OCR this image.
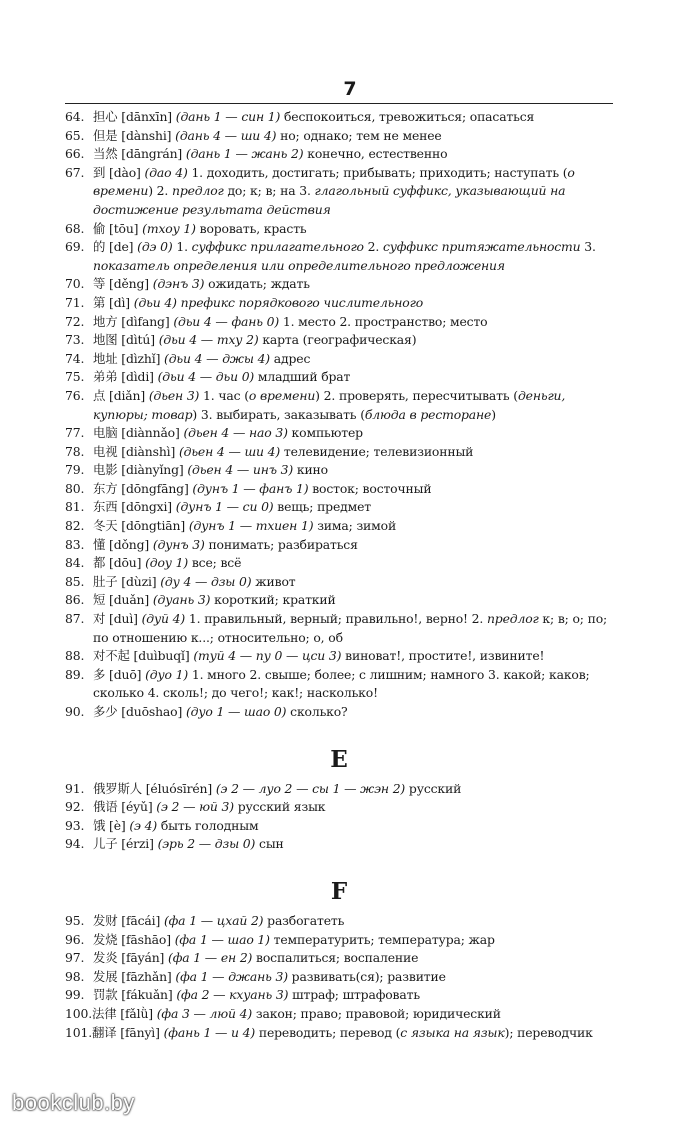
7
64. 担心 [dānxīn] (дань 1 — син 1) беспокоиться, тревожиться; опасаться
65. 但是 [dànshi] (дань 4 — ши 4) но; однако; тем не менее
66. 当然 [dāngrán] (дань 1 — жань 2) конечно, естественно
67. 到 [dào] (дао 4) 1. доходить, достигать; прибывать; приходить; наступать (о времени) 2. предлог до; к; в; на 3. глагольный суффикс, указывающий на достижение результата действия
68. 偷 [tōu] (тхоу 1) воровать, красть
69. 的 [de] (дэ 0) 1. суффикс прилагательного 2. суффикс притяжательности 3. показатель определения или определительного предложения
70. 等 [děng] (дэнъ 3) ожидать; ждать
71. 第 [dì] (дьи 4) префикс порядкового числительного
72. 地方 [dìfang] (дьи 4 — фань 0) 1. место 2. пространство; место
73. 地图 [dìtú] (дьи 4 — тху 2) карта (географическая)
74. 地址 [dìzhǐ] (дьи 4 — джы 4) адрес
75. 弟弟 [dìdi] (дьи 4 — дьи 0) младший брат
76. 点 [diǎn] (дьен 3) 1. час (о времени) 2. проверять, пересчитывать (деньги, купюры; товар) 3. выбирать, заказывать (блюда в ресторане)
77. 电脑 [diànnǎo] (дьен 4 — нао 3) компьютер
78. 电视 [diànshì] (дьен 4 — ши 4) телевидение; телевизионный
79. 电影 [diànyǐng] (дьен 4 — инъ 3) кино
80. 东方 [dōngfāng] (дунъ 1 — фанъ 1) восток; восточный
81. 东西 [dōngxi] (дунъ 1 — си 0) вещь; предмет
82. 冬天 [dōngtiān] (дунъ 1 — тхиен 1) зима; зимой
83. 懂 [dǒng] (дунъ 3) понимать; разбираться
84. 都 [dōu] (доу 1) все; всё
85. 肚子 [dùzi] (ду 4 — дзы 0) живот
86. 短 [duǎn] (дуань 3) короткий; краткий
87. 对 [duì] (дуй 4) 1. правильный, верный; правильно!, верно! 2. предлог к; в; о; по; по отношению к...; относительно; о, об
88. 对不起 [duìbuqǐ] (туй 4 — пу 0 — цси 3) виноват!, простите!, извините!
89. 多 [duō] (дуо 1) 1. много 2. свыше; более; с лишним; намного 3. какой; каков; сколько 4. сколь!; до чего!; как!; насколько!
90. 多少 [duōshao] (дуо 1 — шао 0) сколько?
E
91. 俄罗斯人 [éluósīrén] (э 2 — луо 2 — сы 1 — жэн 2) русский
92. 俄语 [éyǔ] (э 2 — юй 3) русский язык
93. 饿 [è] (э 4) быть голодным
94. 儿子 [érzi] (эрь 2 — дзы 0) сын
F
95. 发财 [fācái] (фа 1 — цхай 2) разбогатеть
96. 发烧 [fāshāo] (фа 1 — шао 1) температурить; температура; жар
97. 发炎 [fāyán] (фа 1 — ен 2) воспалиться; воспаление
98. 发展 [fāzhǎn] (фа 1 — джань 3) развивать(ся); развитие
99. 罚款 [fákuǎn] (фа 2 — кхуань 3) штраф; штрафовать
100. 法律 [fǎlǜ] (фа 3 — люй 4) закон; право; правовой; юридический
101. 翻译 [fānyì] (фань 1 — и 4) переводить; перевод (с языка на язык); переводчик
bookclub.by
